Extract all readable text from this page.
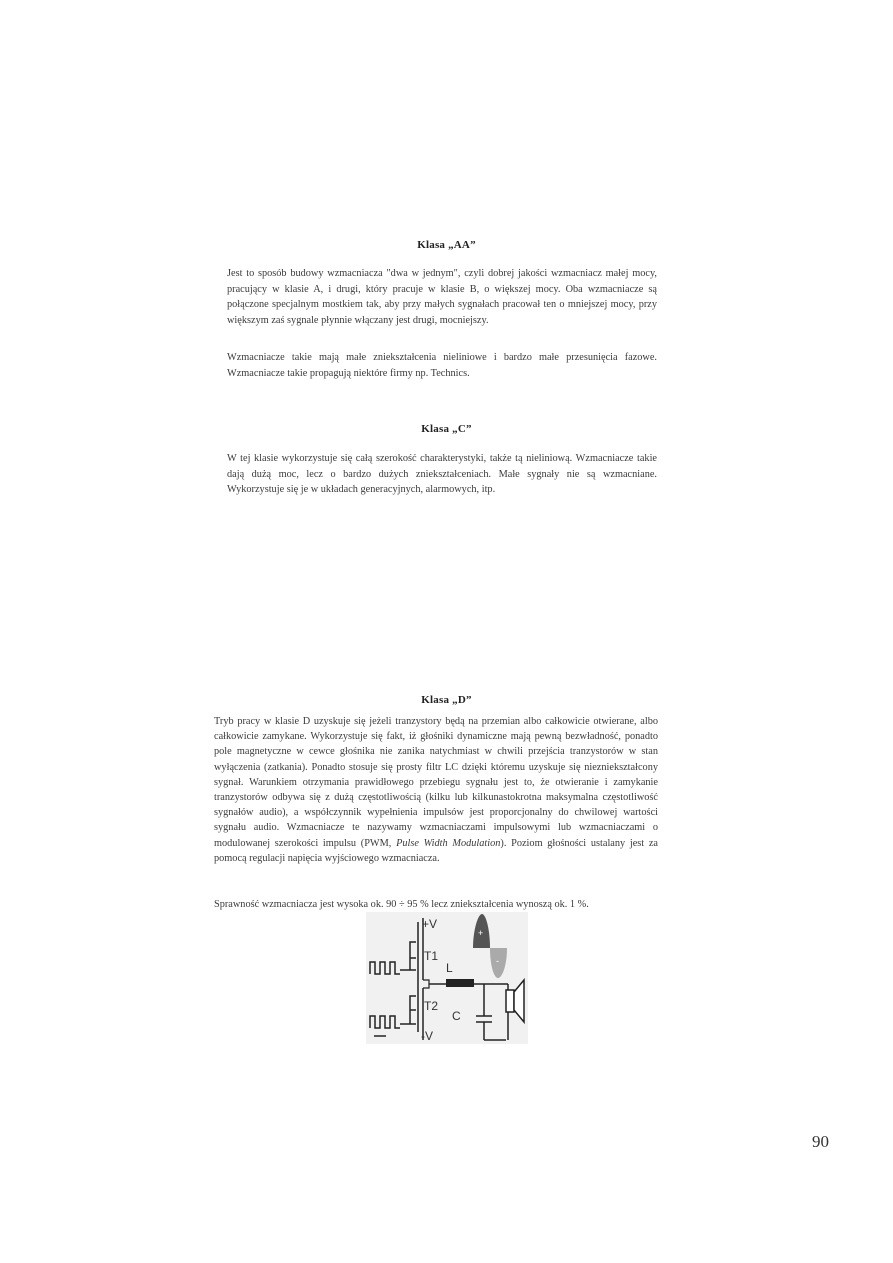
Klasa „AA”
Jest to sposób budowy wzmacniacza "dwa w jednym", czyli dobrej jakości wzmacniacz małej mocy, pracujący w klasie A, i drugi, który pracuje w klasie B, o większej mocy. Oba wzmacniacze są połączone specjalnym mostkiem tak, aby przy małych sygnałach pracował ten o mniejszej mocy, przy większym zaś sygnale płynnie włączany jest drugi, mocniejszy.
Wzmacniacze takie mają małe zniekształcenia nieliniowe i bardzo małe przesunięcia fazowe. Wzmacniacze takie propagują niektóre firmy np. Technics.
Klasa „C”
W tej klasie wykorzystuje się całą szerokość charakterystyki, także tą nieliniową. Wzmacniacze takie dają dużą moc, lecz o bardzo dużych zniekształceniach. Małe sygnały nie są wzmacniane. Wykorzystuje się je w układach generacyjnych, alarmowych, itp.
Klasa „D”
Tryb pracy w klasie D uzyskuje się jeżeli tranzystory będą na przemian albo całkowicie otwierane, albo całkowicie zamykane. Wykorzystuje się fakt, iż głośniki dynamiczne mają pewną bezwładność, ponadto pole magnetyczne w cewce głośnika nie zanika natychmiast w chwili przejścia tranzystorów w stan wyłączenia (zatkania). Ponadto stosuje się prosty filtr LC dzięki któremu uzyskuje się niezniekształcony sygnał. Warunkiem otrzymania prawidłowego przebiegu sygnału jest to, że otwieranie i zamykanie tranzystorów odbywa się z dużą częstotliwością (kilku lub kilkunastokrotna maksymalna częstotliwość sygnałów audio), a współczynnik wypełnienia impulsów jest proporcjonalny do chwilowej wartości sygnału audio. Wzmacniacze te nazywamy wzmacniaczami impulsowymi lub wzmacniaczami o modulowanej szerokości impulsu (PWM, Pulse Width Modulation). Poziom głośności ustalany jest za pomocą regulacji napięcia wyjściowego wzmacniacza.
Sprawność wzmacniacza jest wysoka ok. 90 ÷ 95 % lecz zniekształcenia wynoszą ok. 1 %.
+V
T1
L
T2
C
-V
+
-
90
